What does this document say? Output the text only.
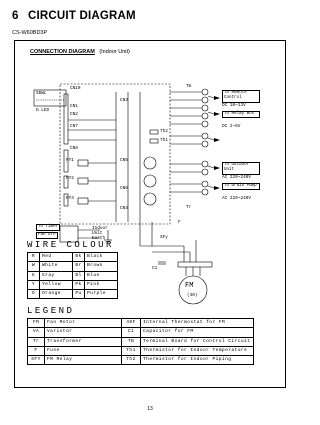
6 CIRCUIT DIAGRAM
CS-W60BD3P
CONNECTION DIAGRAM (Indoor Unit)
SDWL
D.LED
CN10
CN1
CN2
CN7
CN8
CN5
CN6
CN4
CN3
Tm
Th2
Th1
RY1
RY2
RY3
Tr
F
SFy
C1
FM
(40)
Indoor Unit Earth
To Remote Control
DC 10~13V
To Relay Box
DC 2~5V
To Outdoor Unit
AC 220~240V
To Drain Pump
AC 220~240V
To Timer
Fan O/P
WIRE COLOUR
R	Red	Bk	Black
W	White	Br	Brown
G	Gray	Bl	Blue
Y	Yellow	Pk	Pink
O	Orange	Pu	Purple
LEGEND
FM	Fan Motor	49F	Internal Thermostat for FM
VA	Varistor	C1	Capacitor for FM
Tr	Transformer	TB	Terminal Board for Control Circuit
F	Fuse	Th1	Thermistor for Indoor Temperature
SFY	FM Relay	Th2	Thermistor for Indoor Piping
13
